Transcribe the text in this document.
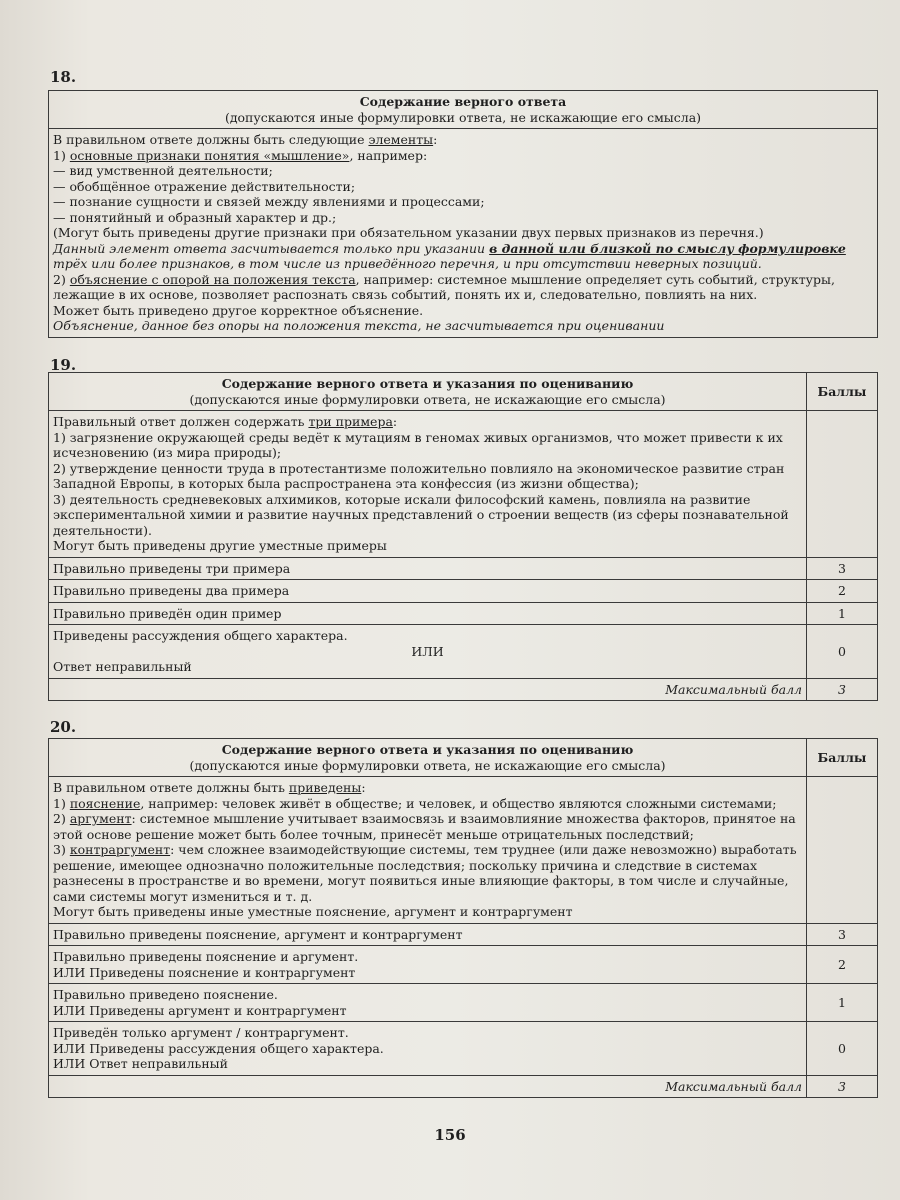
18.
Содержание верного ответа
(допускаются иные формулировки ответа, не искажающие его смысла)

В правильном ответе должны быть следующие элементы:
1) основные признаки понятия «мышление», например:
— вид умственной деятельности;
— обобщённое отражение действительности;
— познание сущности и связей между явлениями и процессами;
— понятийный и образный характер и др.;
(Могут быть приведены другие признаки при обязательном указании двух первых признаков из перечня.)
Данный элемент ответа засчитывается только при указании в данной или близкой по смыслу формулировке трёх или более признаков, в том числе из приведённого перечня, и при отсутствии неверных позиций.
2) объяснение с опорой на положения текста, например: системное мышление определяет суть событий, структуры, лежащие в их основе, позволяет распознать связь событий, понять их и, следовательно, повлиять на них.
Может быть приведено другое корректное объяснение.
Объяснение, данное без опоры на положения текста, не засчитывается при оценивании
19.
Содержание верного ответа и указания по оцениванию
(допускаются иные формулировки ответа, не искажающие его смысла)	Баллы

Правильный ответ должен содержать три примера:
1) загрязнение окружающей среды ведёт к мутациям в геномах живых организмов, что может привести к их исчезновению (из мира природы);
2) утверждение ценности труда в протестантизме положительно повлияло на экономическое развитие стран Западной Европы, в которых была распространена эта конфессия (из жизни общества);
3) деятельность средневековых алхимиков, которые искали философский камень, повлияла на развитие экспериментальной химии и развитие научных представлений о строении веществ (из сферы познавательной деятельности).
Могут быть приведены другие уместные примеры	

Правильно приведены три примера	3
Правильно приведены два примера	2
Правильно приведён один пример	1

Приведены рассуждения общего характера.
ИЛИ
Ответ неправильный	0
Максимальный балл	3
20.
Содержание верного ответа и указания по оцениванию
(допускаются иные формулировки ответа, не искажающие его смысла)	Баллы

В правильном ответе должны быть приведены:
1) пояснение, например: человек живёт в обществе; и человек, и общество являются сложными системами;
2) аргумент: системное мышление учитывает взаимосвязь и взаимовлияние множества факторов, принятое на этой основе решение может быть более точным, принесёт меньше отрицательных последствий;
3) контраргумент: чем сложнее взаимодействующие системы, тем труднее (или даже невозможно) выработать решение, имеющее однозначно положительные последствия; поскольку причина и следствие в системах разнесены в пространстве и во времени, могут появиться иные влияющие факторы, в том числе и случайные, сами системы могут измениться и т. д.
Могут быть приведены иные уместные пояснение, аргумент и контраргумент	

Правильно приведены пояснение, аргумент и контраргумент	3

Правильно приведены пояснение и аргумент.
ИЛИ Приведены пояснение и контраргумент	2

Правильно приведено пояснение.
ИЛИ Приведены аргумент и контраргумент	1

Приведён только аргумент / контраргумент.
ИЛИ Приведены рассуждения общего характера.
ИЛИ Ответ неправильный	0
Максимальный балл	3
156
